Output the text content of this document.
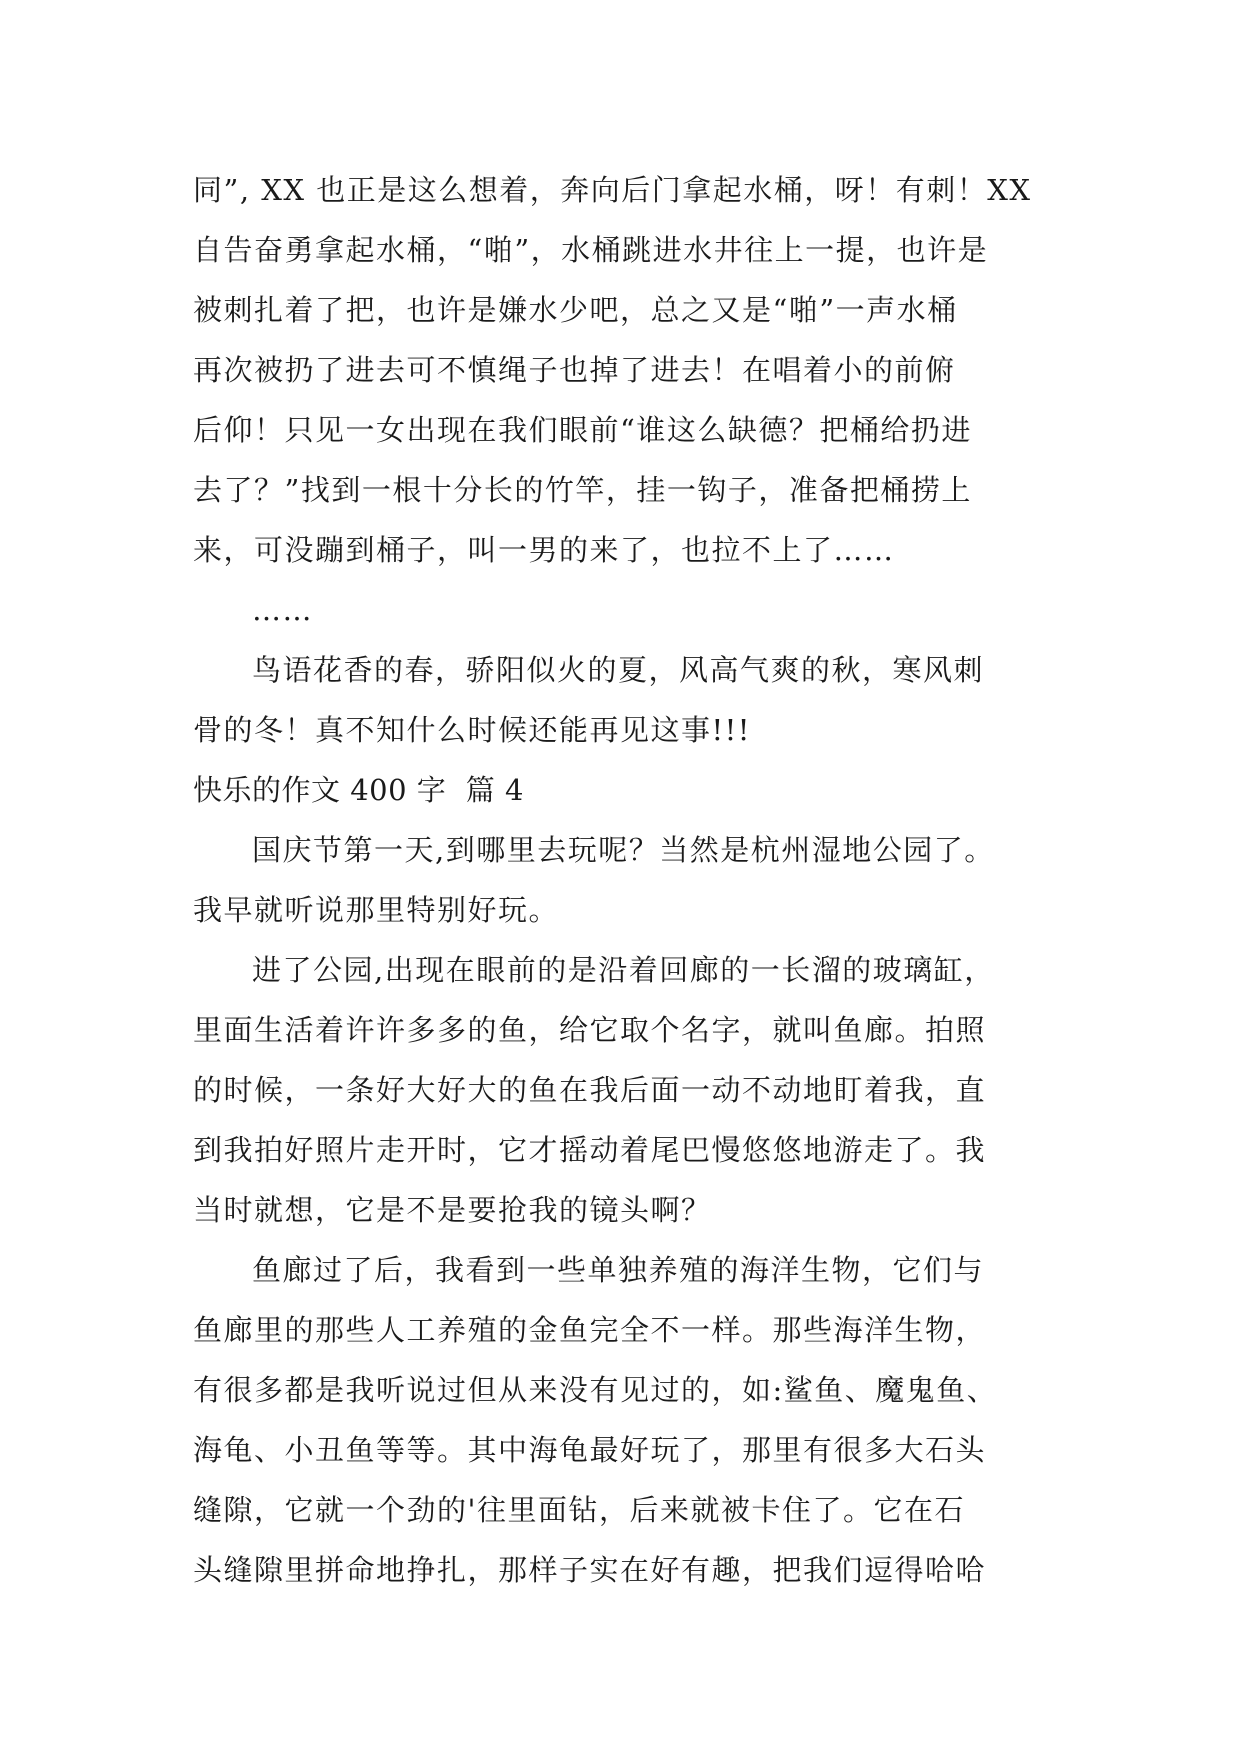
同”, XX 也正是这么想着，奔向后门拿起水桶，呀！有刺！XX
自告奋勇拿起水桶，“啪”，水桶跳进水井往上一提，也许是
被刺扎着了把，也许是嫌水少吧，总之又是“啪”一声水桶
再次被扔了进去可不慎绳子也掉了进去！在唱着小的前俯
后仰！只见一女出现在我们眼前“谁这么缺德？把桶给扔进
去了？”找到一根十分长的竹竿，挂一钩子，准备把桶捞上
来，可没蹦到桶子，叫一男的来了，也拉不上了……
……
鸟语花香的春，骄阳似火的夏，风高气爽的秋，寒风刺
骨的冬！真不知什么时候还能再见这事!!!
快乐的作文 400 字  篇 4
国庆节第一天,到哪里去玩呢？当然是杭州湿地公园了。
我早就听说那里特别好玩。
进了公园,出现在眼前的是沿着回廊的一长溜的玻璃缸，
里面生活着许许多多的鱼，给它取个名字，就叫鱼廊。拍照
的时候，一条好大好大的鱼在我后面一动不动地盯着我，直
到我拍好照片走开时，它才摇动着尾巴慢悠悠地游走了。我
当时就想，它是不是要抢我的镜头啊？
鱼廊过了后，我看到一些单独养殖的海洋生物，它们与
鱼廊里的那些人工养殖的金鱼完全不一样。那些海洋生物，
有很多都是我听说过但从来没有见过的，如:鲨鱼、魔鬼鱼、
海龟、小丑鱼等等。其中海龟最好玩了，那里有很多大石头
缝隙，它就一个劲的'往里面钻，后来就被卡住了。它在石
头缝隙里拼命地挣扎，那样子实在好有趣，把我们逗得哈哈
